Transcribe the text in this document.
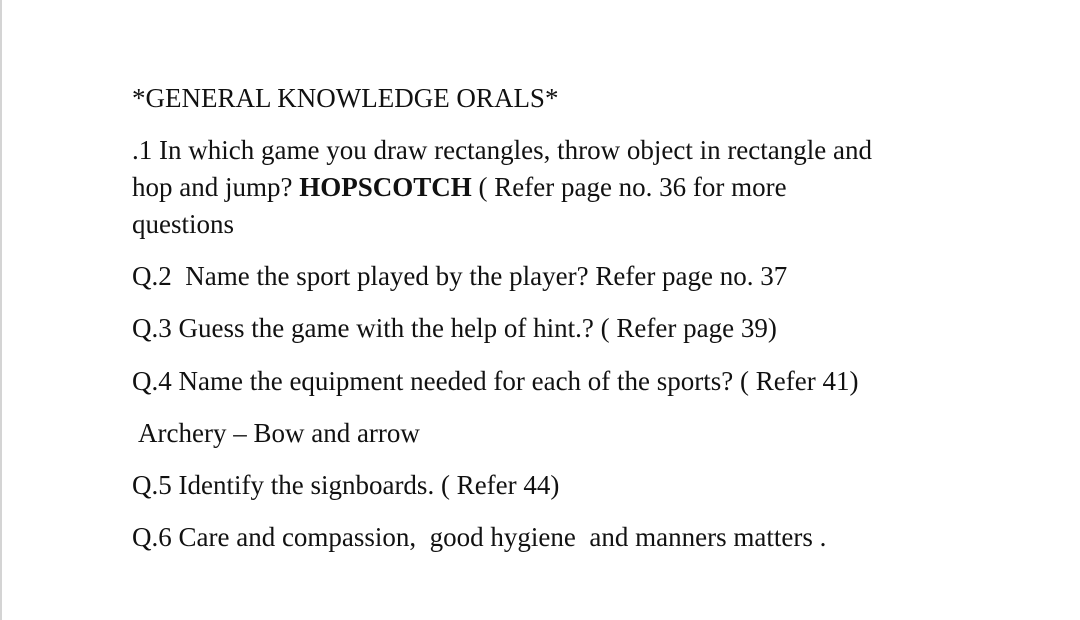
*GENERAL KNOWLEDGE ORALS*
.1 In which game you draw rectangles, throw object in rectangle and
hop and jump? HOPSCOTCH ( Refer page no. 36 for more
questions
Q.2  Name the sport played by the player? Refer page no. 37
Q.3 Guess the game with the help of hint.? ( Refer page 39)
Q.4 Name the equipment needed for each of the sports? ( Refer 41)
Archery – Bow and arrow
Q.5 Identify the signboards. ( Refer 44)
Q.6 Care and compassion,  good hygiene  and manners matters .
